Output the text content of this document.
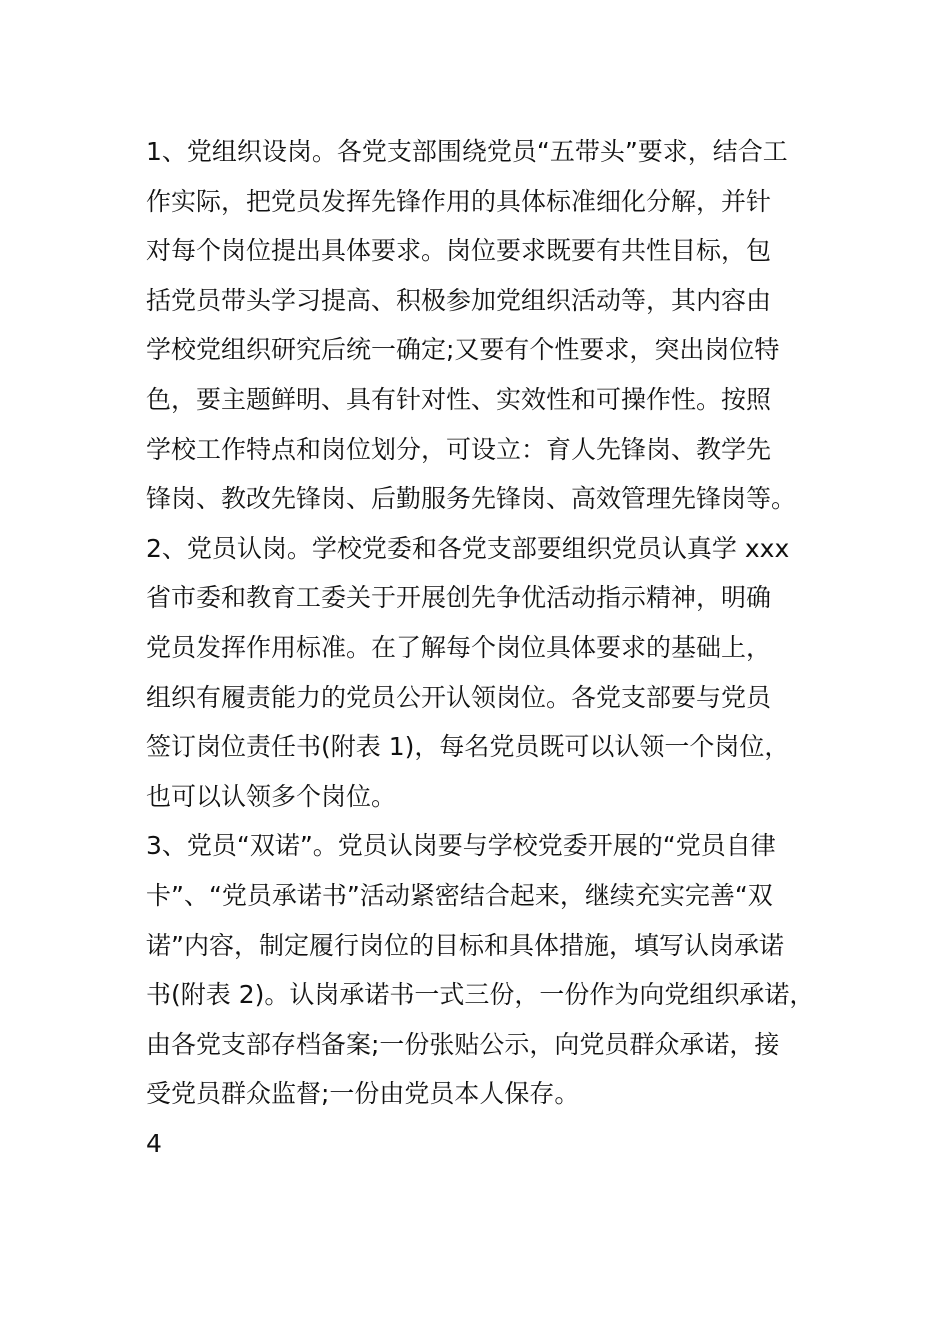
1、党组织设岗。各党支部围绕党员“五带头”要求，结合工
作实际，把党员发挥先锋作用的具体标准细化分解，并针
对每个岗位提出具体要求。岗位要求既要有共性目标，包
括党员带头学习提高、积极参加党组织活动等，其内容由
学校党组织研究后统一确定;又要有个性要求，突出岗位特
色，要主题鲜明、具有针对性、实效性和可操作性。按照
学校工作特点和岗位划分，可设立：育人先锋岗、教学先
锋岗、教改先锋岗、后勤服务先锋岗、高效管理先锋岗等。
2、党员认岗。学校党委和各党支部要组织党员认真学 xxx
省市委和教育工委关于开展创先争优活动指示精神，明确
党员发挥作用标准。在了解每个岗位具体要求的基础上，
组织有履责能力的党员公开认领岗位。各党支部要与党员
签订岗位责任书(附表 1)，每名党员既可以认领一个岗位，
也可以认领多个岗位。
3、党员“双诺”。党员认岗要与学校党委开展的“党员自律
卡”、“党员承诺书”活动紧密结合起来，继续充实完善“双
诺”内容，制定履行岗位的目标和具体措施，填写认岗承诺
书(附表 2)。认岗承诺书一式三份，一份作为向党组织承诺，
由各党支部存档备案;一份张贴公示，向党员群众承诺，接
受党员群众监督;一份由党员本人保存。
4
